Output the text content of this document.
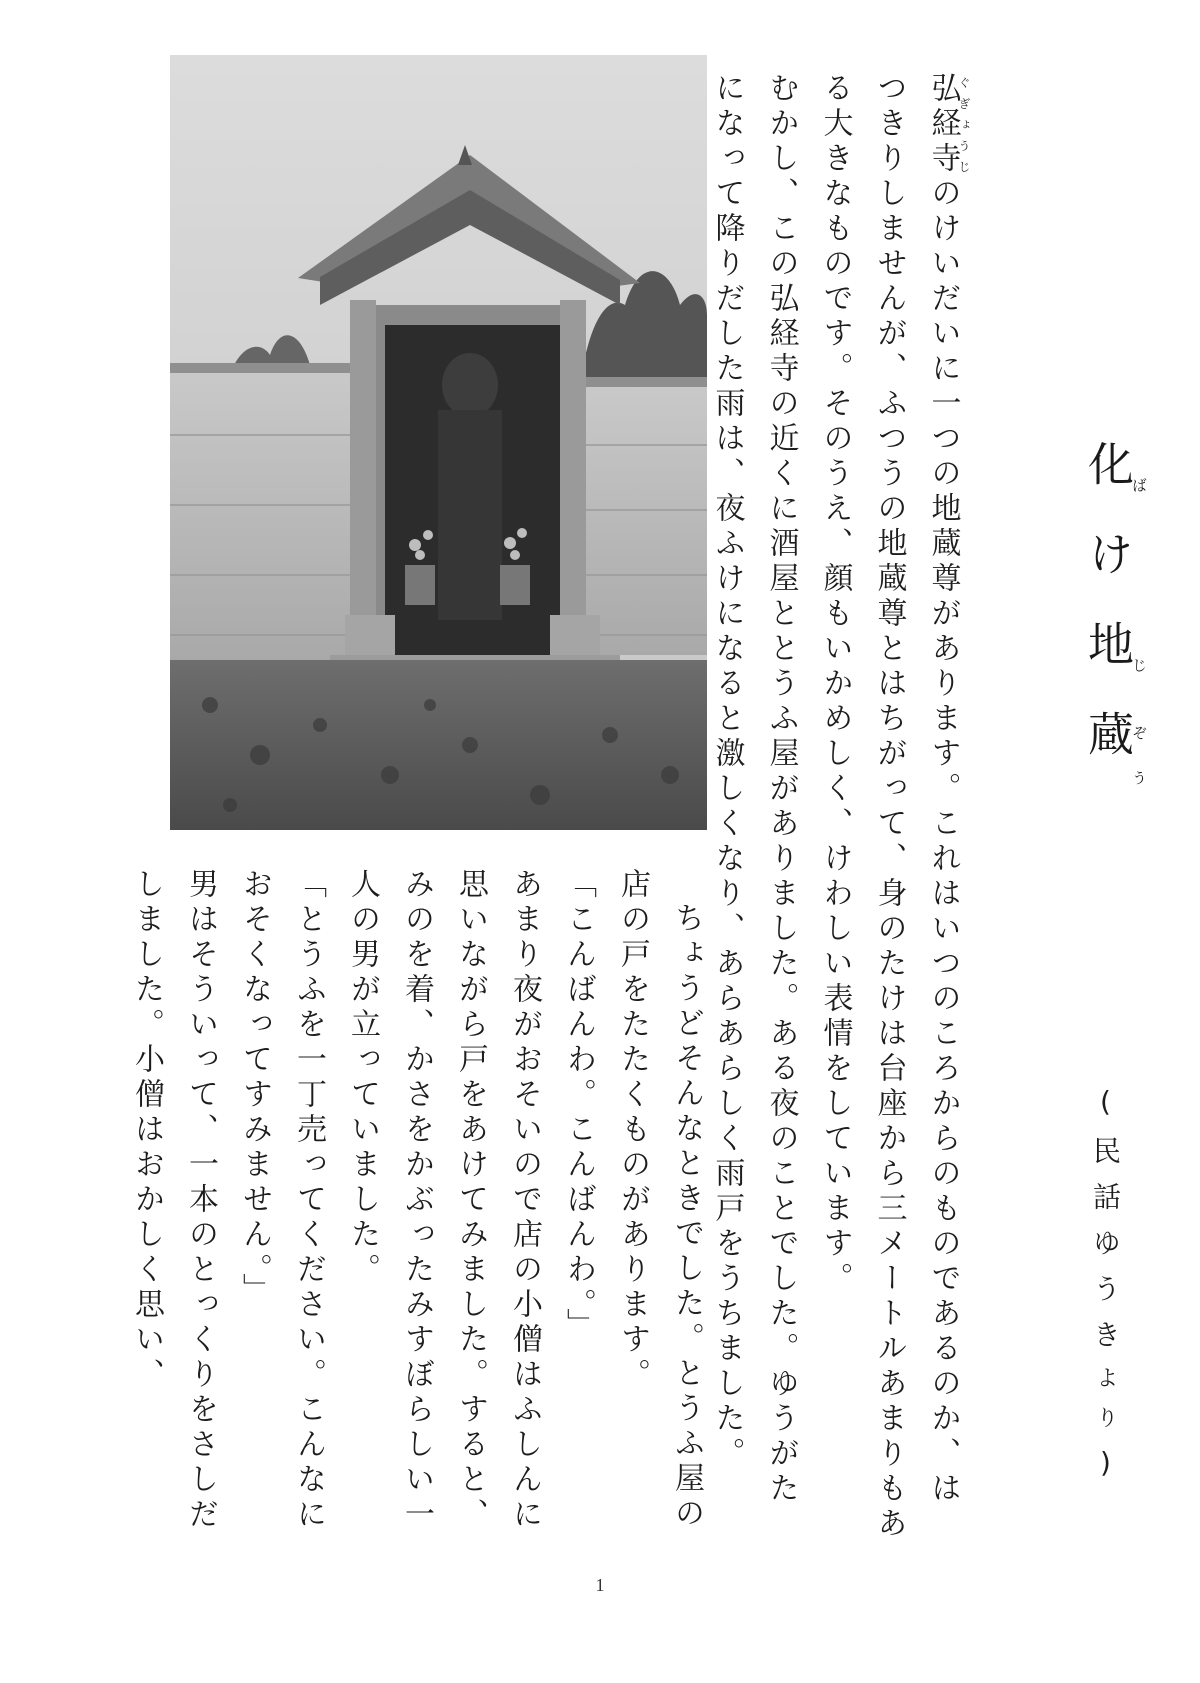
化ばけ地じ蔵ぞう
(民話ゆうきより)
弘経寺ぐぎょうじのけいだいに一つの地蔵尊があります。これはいつのころからのものであるのか、は
つきりしませんが、ふつうの地蔵尊とはちがって、身のたけは台座から三メートルあまりもあ
る大きなものです。そのうえ、顔もいかめしく、けわしい表情をしています。
むかし、この弘経寺の近くに酒屋ととうふ屋がありました。ある夜のことでした。ゆうがた
になって降りだした雨は、夜ふけになると激しくなり、あらあらしく雨戸をうちました。
ちょうどそんなときでした。とうふ屋の
店の戸をたたくものがあります。
「こんばんわ。こんばんわ。」
あまり夜がおそいので店の小僧はふしんに
思いながら戸をあけてみました。すると、
みのを着、かさをかぶったみすぼらしい一
人の男が立っていました。
「とうふを一丁売ってください。こんなに
おそくなってすみません。」
男はそういって、一本のとっくりをさしだ
しました。小僧はおかしく思い、
1
